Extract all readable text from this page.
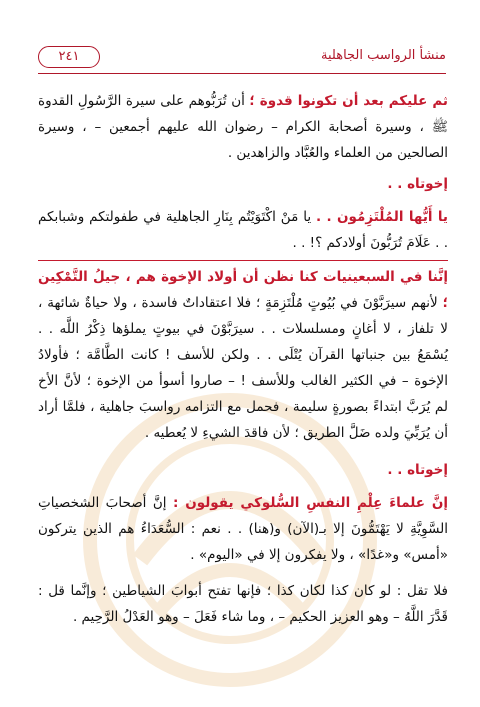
٢٤١	منشأ الرواسب الجاهلية

ثم عليكم بعد أن تكونوا قدوة ؛ أن تُرَبُّوهم على سيرة الرَّسُولِ القدوة ﷺ ، وسيرة أصحابة الكرام – رضوان الله عليهم أجمعين – ، وسيرة الصالحين من العلماء والعُبَّاد والزاهدين .

إخوتاه . .

يا أَيُّها المُلْتَزِمُون . . يا مَنْ اكْتَوَيْتُم بِنَارِ الجاهلية في طفولتكم وشبابكم . . عَلَامَ تُرَبُّونَ أولادكم ؟! . .

إنَّنا في السبعينيات كنا نظن أن أولاد الإخوة هم ، جيلُ التَّمْكِين ؛ لأنهم سيرَبَّوْنَ في بُيُوتٍ مُلْتَزِمَةٍ ؛ فلا اعتقاداتٌ فاسدة ، ولا حياةٌ شائهة ، لا تلفاز ، لا أغانٍ ومسلسلات . . سيرَبَّوْنَ في بيوتٍ يملؤها ذِكْرُ اللَّه . . يُسْمَعُ بين جنباتها القرآن يُتْلَى . . ولكن للأسف ! كانت الطَّامَّة ؛ فأولادُ الإخوة – في الكثير الغالب وللأسف ! – صاروا أسوأ من الإخوة ؛ لأنَّ الأخ لم يُرَبَّ ابتداءً بصورةٍ سليمة ، فحمل مع التزامه رواسبَ جاهلية ، فلمَّا أراد أن يُرَبِّيَ ولده ضَلَّ الطريق ؛ لأن فاقدَ الشيءِ لا يُعطيه .

إخوتاه . .

إنَّ علماءَ عِلْمِ النفسِ السُّلوكي يقولون : إنَّ أصحابَ الشخصياتِ السَّوِيَّةِ لا يَهْتَمُّونَ إلا بـ(الآن) و(هنا) . . نعم : السُّعَدَاءُ هم الذين يتركون «أمس» و«غدًا» ، ولا يفكرون إلا في «اليوم» .

فلا تقل : لو كان كذا لكان كذا ؛ فإنها تفتح أبوابَ الشياطين ؛ وإنَّما قل : قَدَّرَ اللَّهُ – وهو العزيز الحكيم – ، وما شاء فَعَلَ – وهو العَدْلُ الرَّحِيم .
